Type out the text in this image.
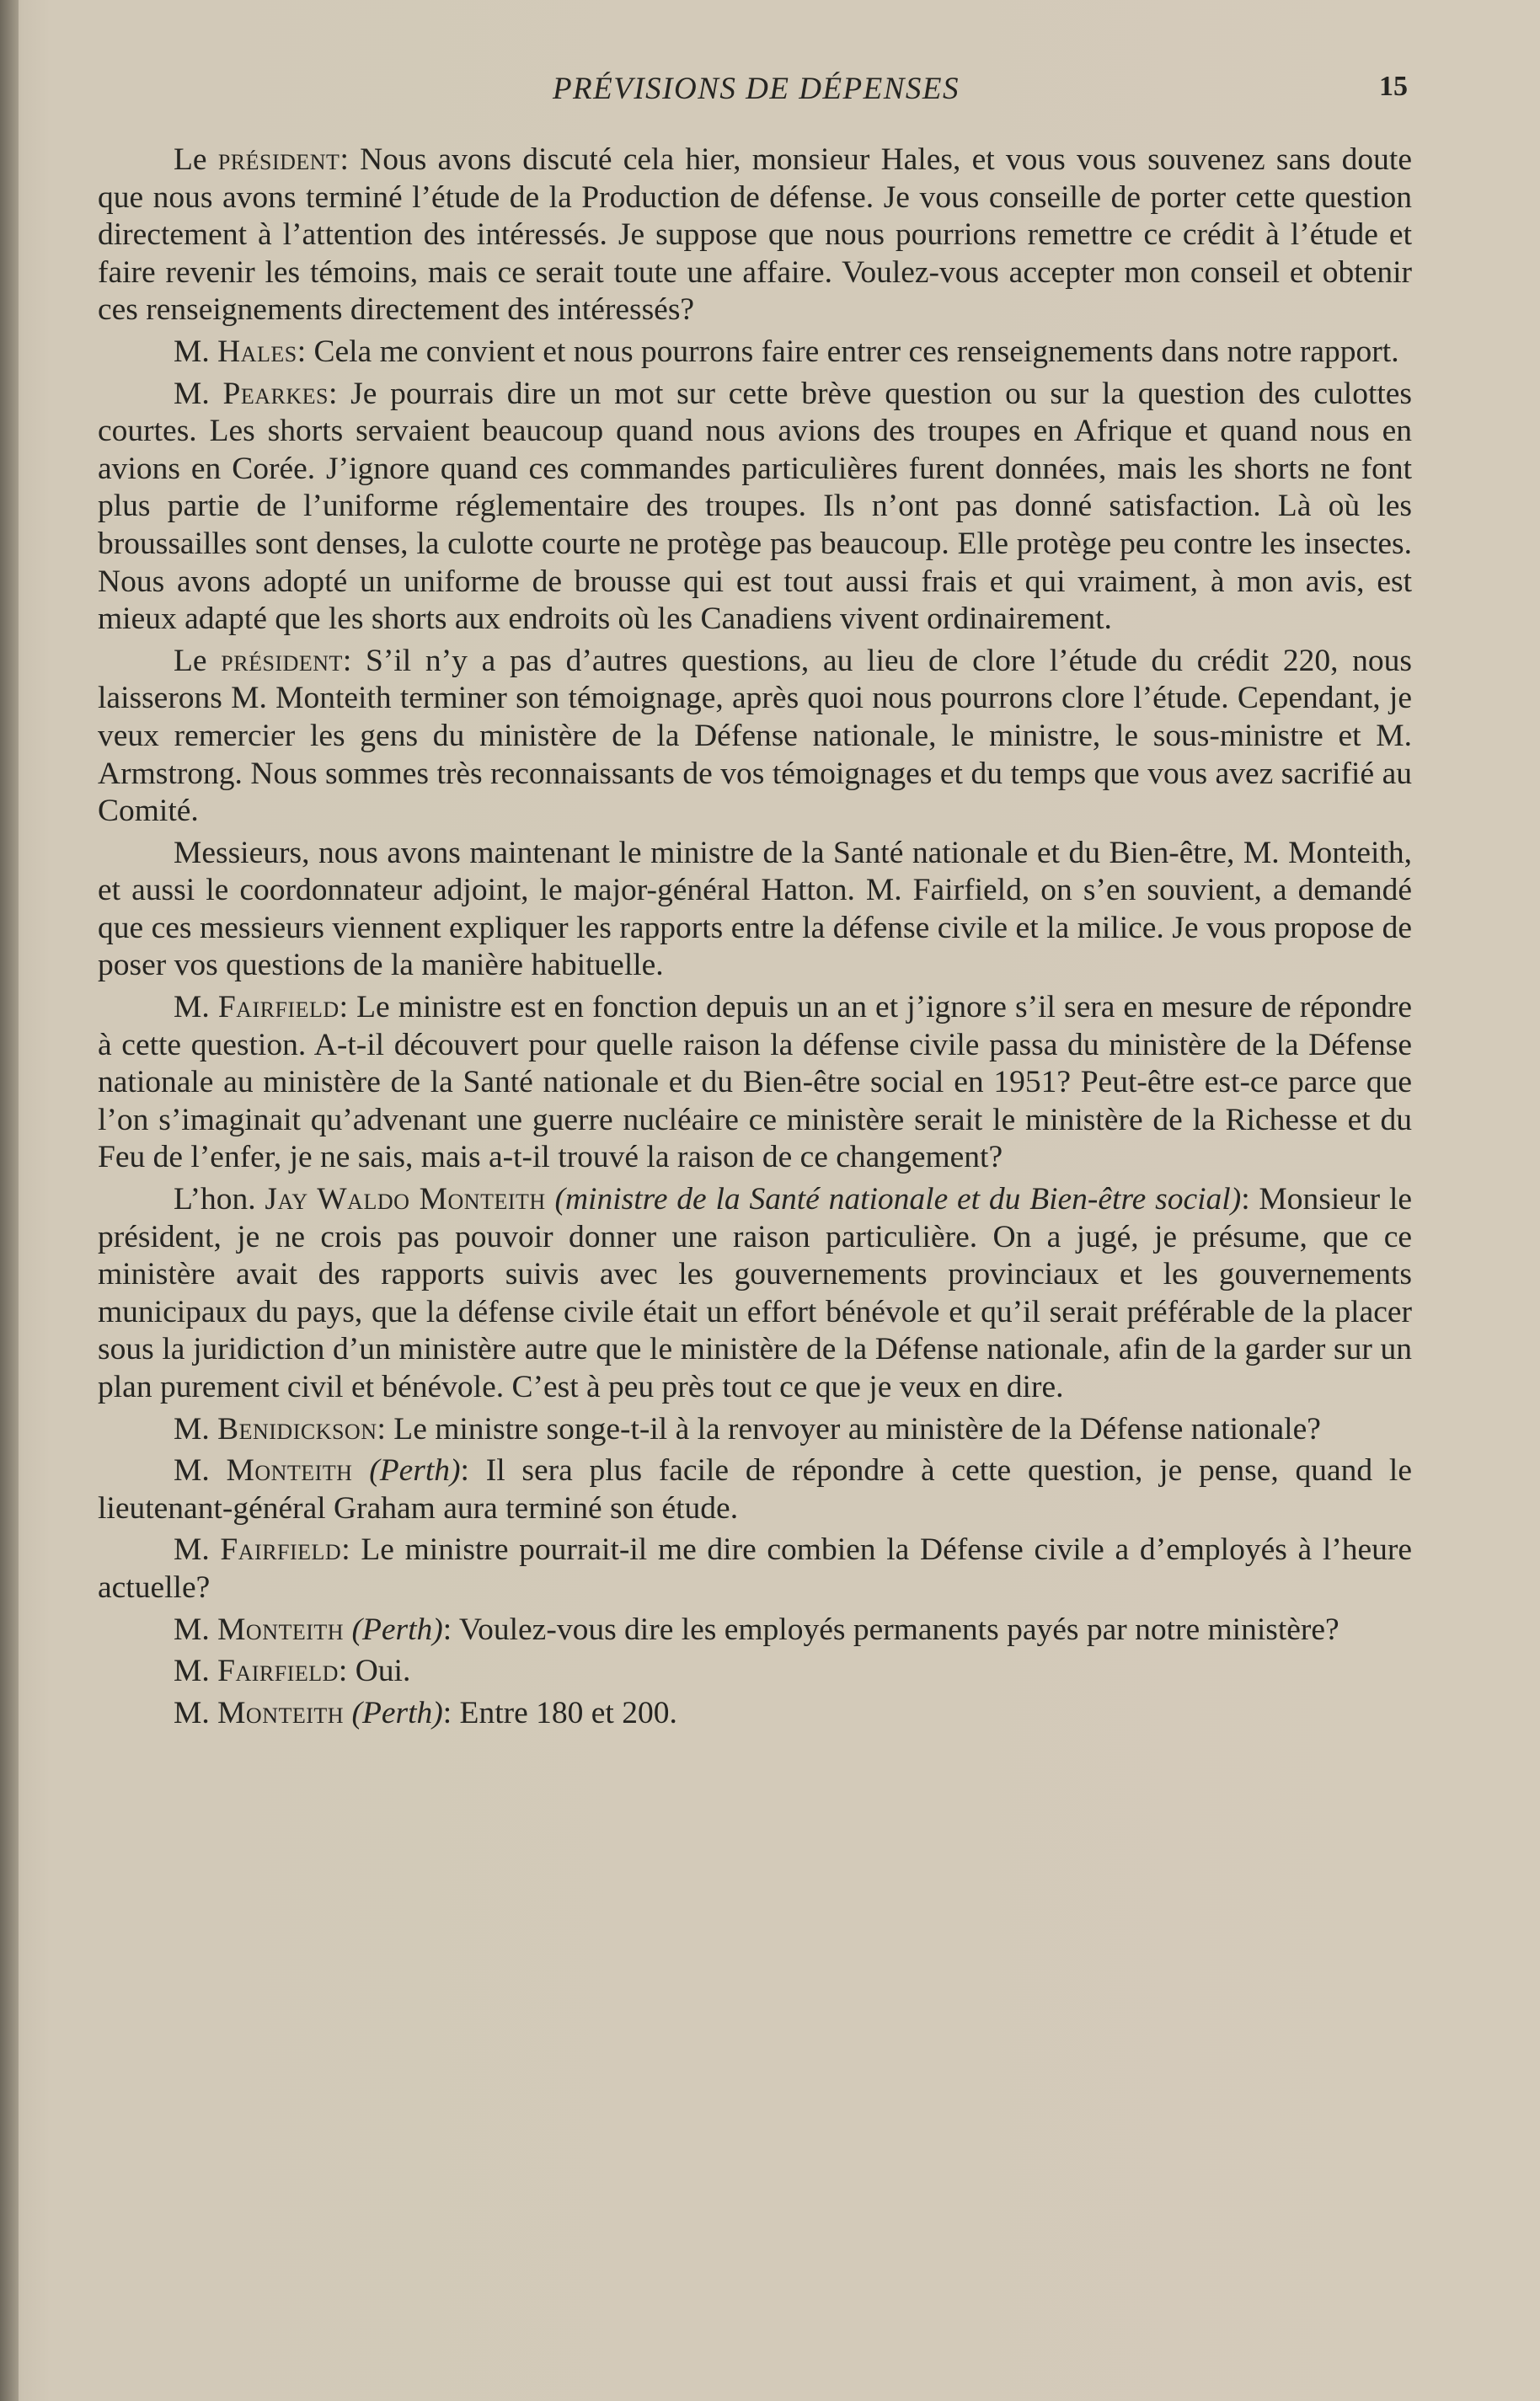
PRÉVISIONS DE DÉPENSES	15

Le président: Nous avons discuté cela hier, monsieur Hales, et vous vous souvenez sans doute que nous avons terminé l’étude de la Production de défense. Je vous conseille de porter cette question directement à l’attention des intéressés. Je suppose que nous pourrions remettre ce crédit à l’étude et faire revenir les témoins, mais ce serait toute une affaire. Voulez-vous accepter mon conseil et obtenir ces renseignements directement des intéressés?

M. Hales: Cela me convient et nous pourrons faire entrer ces renseignements dans notre rapport.

M. Pearkes: Je pourrais dire un mot sur cette brève question ou sur la question des culottes courtes. Les shorts servaient beaucoup quand nous avions des troupes en Afrique et quand nous en avions en Corée. J’ignore quand ces commandes particulières furent données, mais les shorts ne font plus partie de l’uniforme réglementaire des troupes. Ils n’ont pas donné satisfaction. Là où les broussailles sont denses, la culotte courte ne protège pas beaucoup. Elle protège peu contre les insectes. Nous avons adopté un uniforme de brousse qui est tout aussi frais et qui vraiment, à mon avis, est mieux adapté que les shorts aux endroits où les Canadiens vivent ordinairement.

Le président: S’il n’y a pas d’autres questions, au lieu de clore l’étude du crédit 220, nous laisserons M. Monteith terminer son témoignage, après quoi nous pourrons clore l’étude. Cependant, je veux remercier les gens du ministère de la Défense nationale, le ministre, le sous-ministre et M. Armstrong. Nous sommes très reconnaissants de vos témoignages et du temps que vous avez sacrifié au Comité.

Messieurs, nous avons maintenant le ministre de la Santé nationale et du Bien-être, M. Monteith, et aussi le coordonnateur adjoint, le major-général Hatton. M. Fairfield, on s’en souvient, a demandé que ces messieurs viennent expliquer les rapports entre la défense civile et la milice. Je vous propose de poser vos questions de la manière habituelle.

M. Fairfield: Le ministre est en fonction depuis un an et j’ignore s’il sera en mesure de répondre à cette question. A-t-il découvert pour quelle raison la défense civile passa du ministère de la Défense nationale au ministère de la Santé nationale et du Bien-être social en 1951? Peut-être est-ce parce que l’on s’imaginait qu’advenant une guerre nucléaire ce ministère serait le ministère de la Richesse et du Feu de l’enfer, je ne sais, mais a-t-il trouvé la raison de ce changement?

L’hon. Jay Waldo Monteith (ministre de la Santé nationale et du Bien-être social): Monsieur le président, je ne crois pas pouvoir donner une raison particulière. On a jugé, je présume, que ce ministère avait des rapports suivis avec les gouvernements provinciaux et les gouvernements municipaux du pays, que la défense civile était un effort bénévole et qu’il serait préférable de la placer sous la juridiction d’un ministère autre que le ministère de la Défense nationale, afin de la garder sur un plan purement civil et bénévole. C’est à peu près tout ce que je veux en dire.

M. Benidickson: Le ministre songe-t-il à la renvoyer au ministère de la Défense nationale?

M. Monteith (Perth): Il sera plus facile de répondre à cette question, je pense, quand le lieutenant-général Graham aura terminé son étude.

M. Fairfield: Le ministre pourrait-il me dire combien la Défense civile a d’employés à l’heure actuelle?

M. Monteith (Perth): Voulez-vous dire les employés permanents payés par notre ministère?

M. Fairfield: Oui.

M. Monteith (Perth): Entre 180 et 200.
